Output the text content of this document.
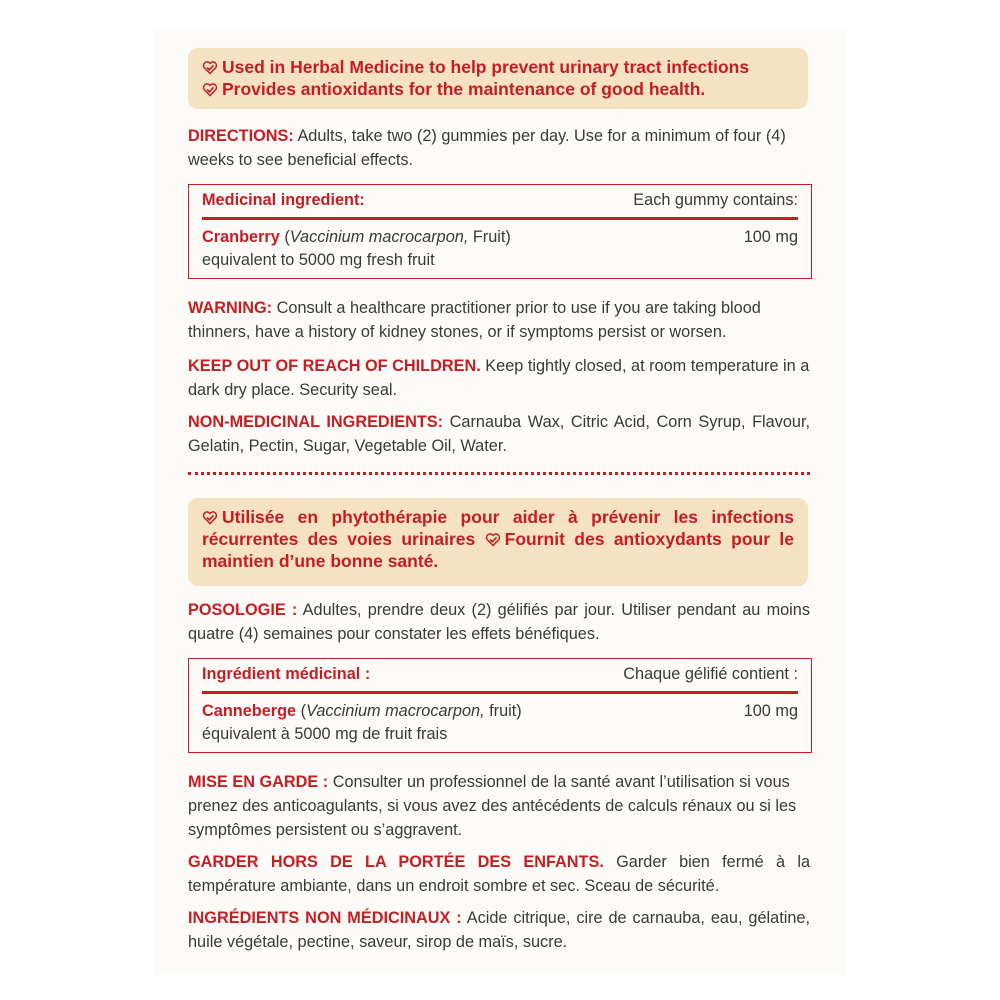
Used in Herbal Medicine to help prevent urinary tract infections
Provides antioxidants for the maintenance of good health.
DIRECTIONS: Adults, take two (2) gummies per day. Use for a minimum of four (4) weeks to see beneficial effects.
Medicinal ingredient:	Each gummy contains:
Cranberry (Vaccinium macrocarpon, Fruit)	100 mg
equivalent to 5000 mg fresh fruit
WARNING: Consult a healthcare practitioner prior to use if you are taking blood thinners, have a history of kidney stones, or if symptoms persist or worsen.
KEEP OUT OF REACH OF CHILDREN. Keep tightly closed, at room temperature in a dark dry place. Security seal.
NON-MEDICINAL INGREDIENTS: Carnauba Wax, Citric Acid, Corn Syrup, Flavour, Gelatin, Pectin, Sugar, Vegetable Oil, Water.
Utilisée en phytothérapie pour aider à prévenir les infections récurrentes des voies urinaires Fournit des antioxydants pour le maintien d’une bonne santé.
POSOLOGIE : Adultes, prendre deux (2) gélifiés par jour. Utiliser pendant au moins quatre (4) semaines pour constater les effets bénéfiques.
Ingrédient médicinal :	Chaque gélifié contient :
Canneberge (Vaccinium macrocarpon, fruit)	100 mg
équivalent à 5000 mg de fruit frais
MISE EN GARDE : Consulter un professionnel de la santé avant l’utilisation si vous prenez des anticoagulants, si vous avez des antécédents de calculs rénaux ou si les symptômes persistent ou s’aggravent.
GARDER HORS DE LA PORTÉE DES ENFANTS. Garder bien fermé à la température ambiante, dans un endroit sombre et sec. Sceau de sécurité.
INGRÉDIENTS NON MÉDICINAUX : Acide citrique, cire de carnauba, eau, gélatine, huile végétale, pectine, saveur, sirop de maïs, sucre.
